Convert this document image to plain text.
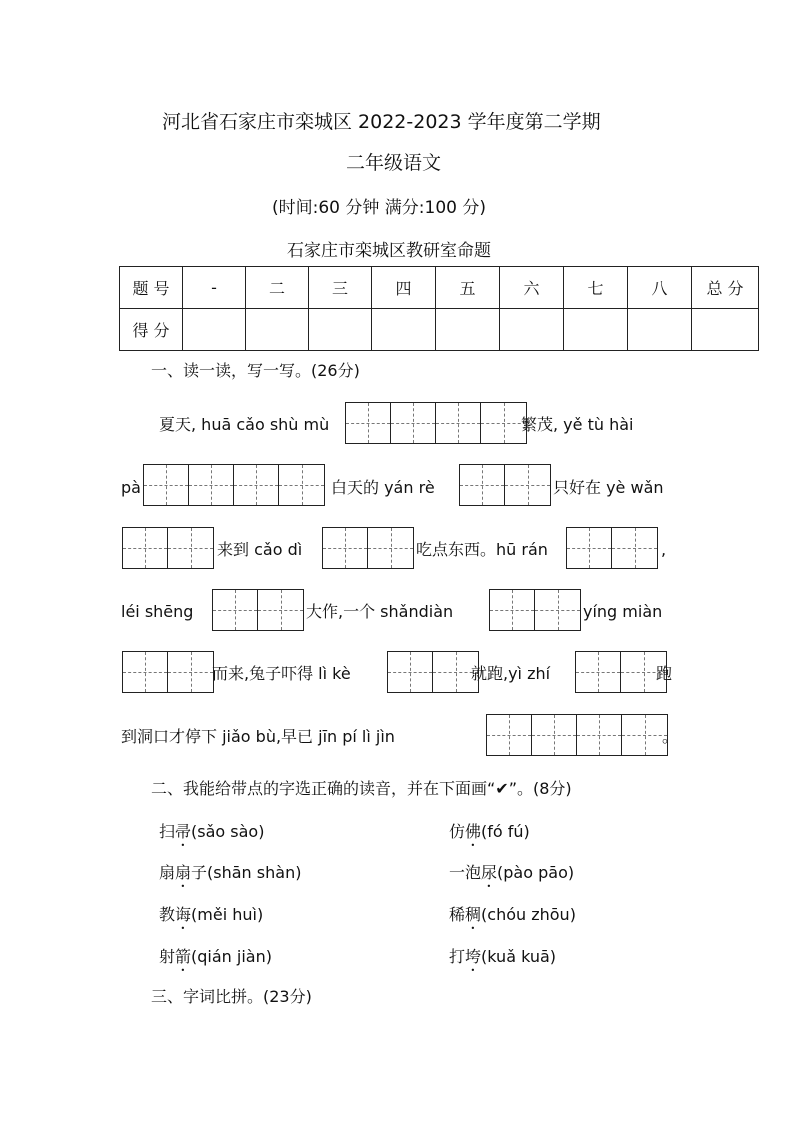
河北省石家庄市栾城区 2022-2023 学年度第二学期
二年级语文
(时间:60 分钟 满分:100 分)
石家庄市栾城区教研室命题
题 号	-	二	三	四	五	六	七	八	总 分
得 分									
一、读一读，写一写。(26分)
夏天, huā cǎo shù mù	繁茂, yě tù hài
pà	白天的 yán rè	只好在 yè wǎn
来到 cǎo dì	吃点东西。hū rán	,
léi shēng	大作,一个 shǎndiàn	yíng miàn
而来,兔子吓得 lì kè	就跑,yì zhí	跑
到洞口才停下 jiǎo bù,早已 jīn pí lì jìn	。
二、我能给带点的字选正确的读音，并在下面画“✔”。(8分)
扫帚(sǎo sào)	仿佛(fó fú)
扇扇子(shān shàn)	一泡尿(pào pāo)
教诲(měi huì)	稀稠(chóu zhōu)
射箭(qián jiàn)	打垮(kuǎ kuā)
三、字词比拼。(23分)
